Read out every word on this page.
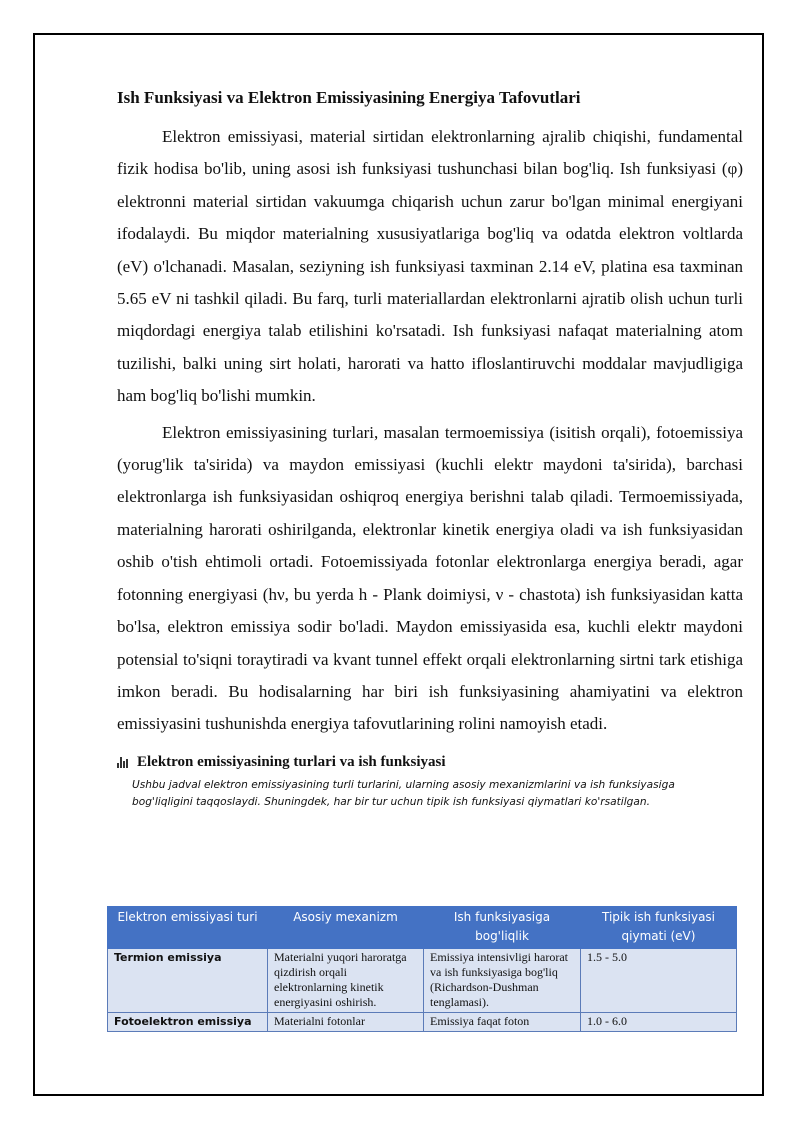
Ish Funksiyasi va Elektron Emissiyasining Energiya Tafovutlari

Elektron emissiyasi, material sirtidan elektronlarning ajralib chiqishi, fundamental fizik hodisa bo'lib, uning asosi ish funksiyasi tushunchasi bilan bog'liq. Ish funksiyasi (φ) elektronni material sirtidan vakuumga chiqarish uchun zarur bo'lgan minimal energiyani ifodalaydi. Bu miqdor materialning xususiyatlariga bog'liq va odatda elektron voltlarda (eV) o'lchanadi. Masalan, seziyning ish funksiyasi taxminan 2.14 eV, platina esa taxminan 5.65 eV ni tashkil qiladi. Bu farq, turli materiallardan elektronlarni ajratib olish uchun turli miqdordagi energiya talab etilishini ko'rsatadi. Ish funksiyasi nafaqat materialning atom tuzilishi, balki uning sirt holati, harorati va hatto ifloslantiruvchi moddalar mavjudligiga ham bog'liq bo'lishi mumkin.

Elektron emissiyasining turlari, masalan termoemissiya (isitish orqali), fotoemissiya (yorug'lik ta'sirida) va maydon emissiyasi (kuchli elektr maydoni ta'sirida), barchasi elektronlarga ish funksiyasidan oshiqroq energiya berishni talab qiladi. Termoemissiyada, materialning harorati oshirilganda, elektronlar kinetik energiya oladi va ish funksiyasidan oshib o'tish ehtimoli ortadi. Fotoemissiyada fotonlar elektronlarga energiya beradi, agar fotonning energiyasi (hν, bu yerda h - Plank doimiysi, ν - chastota) ish funksiyasidan katta bo'lsa, elektron emissiya sodir bo'ladi. Maydon emissiyasida esa, kuchli elektr maydoni potensial to'siqni toraytiradi va kvant tunnel effekt orqali elektronlarning sirtni tark etishiga imkon beradi. Bu hodisalarning har biri ish funksiyasining ahamiyatini va elektron emissiyasini tushunishda energiya tafovutlarining rolini namoyish etadi.

Elektron emissiyasining turlari va ish funksiyasi
Ushbu jadval elektron emissiyasining turli turlarini, ularning asosiy mexanizmlarini va ish funksiyasiga bog'liqligini taqqoslaydi. Shuningdek, har bir tur uchun tipik ish funksiyasi qiymatlari ko'rsatilgan.
Elektron emissiyasi turi	Asosiy mexanizm	Ish funksiyasiga bog'liqlik	Tipik ish funksiyasi qiymati (eV)
Termion emissiya	Materialni yuqori haroratga qizdirish orqali elektronlarning kinetik energiyasini oshirish.	Emissiya intensivligi harorat va ish funksiyasiga bog'liq (Richardson-Dushman tenglamasi).	1.5 - 5.0
Fotoelektron emissiya	Materialni fotonlar	Emissiya faqat foton	1.0 - 6.0
